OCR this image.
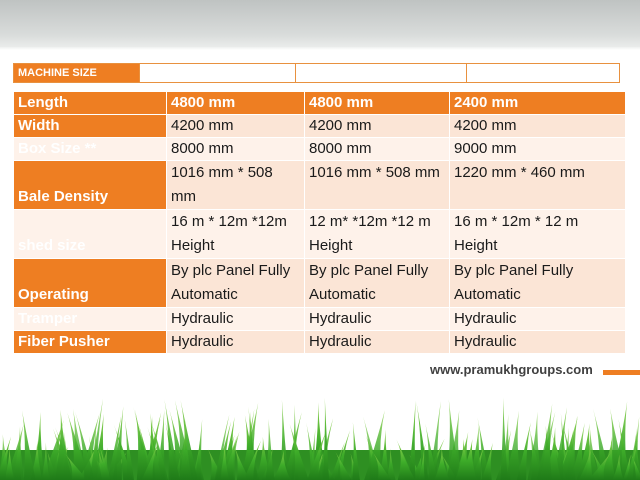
MACHINE SIZE
Length	4800 mm	4800 mm	2400 mm
Width	4200 mm	4200 mm	4200 mm
Box Size **	8000 mm	8000 mm	9000 mm
Bale Density	1016 mm * 508 mm	1016 mm * 508 mm	1220 mm * 460 mm
shed size	16 m * 12m *12m Height	12 m* *12m *12 m Height	16 m * 12m * 12 m Height
Operating	By plc Panel Fully Automatic	By plc Panel Fully Automatic	By plc Panel Fully Automatic
Tramper	Hydraulic	Hydraulic	Hydraulic
Fiber Pusher	Hydraulic	Hydraulic	Hydraulic
www.pramukhgroups.com
